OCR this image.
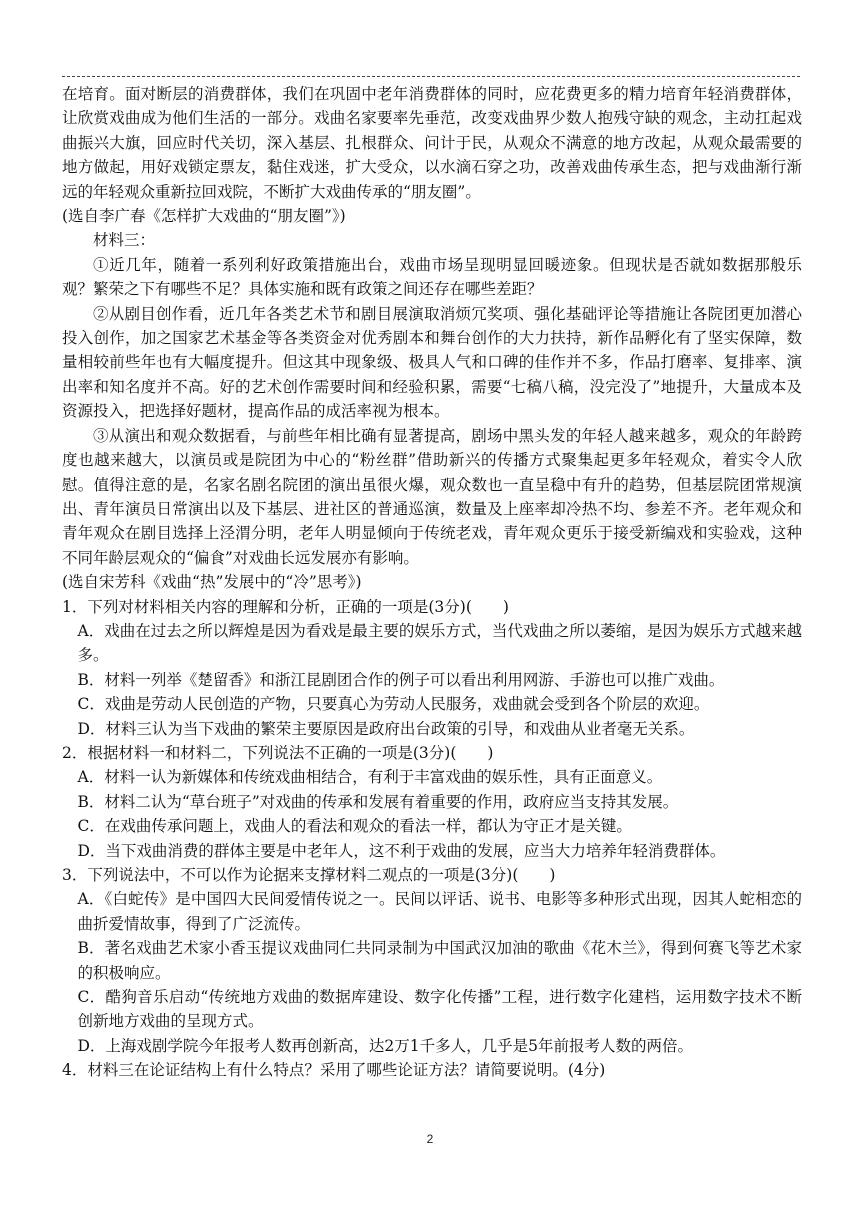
在培育。面对断层的消费群体，我们在巩固中老年消费群体的同时，应花费更多的精力培育年轻消费群体，让欣赏戏曲成为他们生活的一部分。戏曲名家要率先垂范，改变戏曲界少数人抱残守缺的观念，主动扛起戏曲振兴大旗，回应时代关切，深入基层、扎根群众、问计于民，从观众不满意的地方改起，从观众最需要的地方做起，用好戏锁定票友，黏住戏迷，扩大受众，以水滴石穿之功，改善戏曲传承生态，把与戏曲渐行渐远的年轻观众重新拉回戏院，不断扩大戏曲传承的“朋友圈”。

(选自李广春《怎样扩大戏曲的“朋友圈”》)

材料三：

①近几年，随着一系列利好政策措施出台，戏曲市场呈现明显回暖迹象。但现状是否就如数据那般乐观？繁荣之下有哪些不足？具体实施和既有政策之间还存在哪些差距？

②从剧目创作看，近几年各类艺术节和剧目展演取消烦冗奖项、强化基础评论等措施让各院团更加潜心投入创作，加之国家艺术基金等各类资金对优秀剧本和舞台创作的大力扶持，新作品孵化有了坚实保障，数量相较前些年也有大幅度提升。但这其中现象级、极具人气和口碑的佳作并不多，作品打磨率、复排率、演出率和知名度并不高。好的艺术创作需要时间和经验积累，需要“七稿八稿，没完没了”地提升，大量成本及资源投入，把选择好题材，提高作品的成活率视为根本。

③从演出和观众数据看，与前些年相比确有显著提高，剧场中黑头发的年轻人越来越多，观众的年龄跨度也越来越大，以演员或是院团为中心的“粉丝群”借助新兴的传播方式聚集起更多年轻观众，着实令人欣慰。值得注意的是，名家名剧名院团的演出虽很火爆，观众数也一直呈稳中有升的趋势，但基层院团常规演出、青年演员日常演出以及下基层、进社区的普通巡演，数量及上座率却冷热不均、参差不齐。老年观众和青年观众在剧目选择上泾渭分明，老年人明显倾向于传统老戏，青年观众更乐于接受新编戏和实验戏，这种不同年龄层观众的“偏食”对戏曲长远发展亦有影响。

(选自宋芳科《戏曲“热”发展中的“冷”思考》)

1．下列对材料相关内容的理解和分析，正确的一项是(3分)(　　)

A．戏曲在过去之所以辉煌是因为看戏是最主要的娱乐方式，当代戏曲之所以萎缩，是因为娱乐方式越来越多。

B．材料一列举《楚留香》和浙江昆剧团合作的例子可以看出利用网游、手游也可以推广戏曲。

C．戏曲是劳动人民创造的产物，只要真心为劳动人民服务，戏曲就会受到各个阶层的欢迎。

D．材料三认为当下戏曲的繁荣主要原因是政府出台政策的引导，和戏曲从业者毫无关系。

2．根据材料一和材料二，下列说法不正确的一项是(3分)(　　)

A．材料一认为新媒体和传统戏曲相结合，有利于丰富戏曲的娱乐性，具有正面意义。

B．材料二认为“草台班子”对戏曲的传承和发展有着重要的作用，政府应当支持其发展。

C．在戏曲传承问题上，戏曲人的看法和观众的看法一样，都认为守正才是关键。

D．当下戏曲消费的群体主要是中老年人，这不利于戏曲的发展，应当大力培养年轻消费群体。

3．下列说法中，不可以作为论据来支撑材料二观点的一项是(3分)(　　)

A．《白蛇传》是中国四大民间爱情传说之一。民间以评话、说书、电影等多种形式出现，因其人蛇相恋的曲折爱情故事，得到了广泛流传。

B．著名戏曲艺术家小香玉提议戏曲同仁共同录制为中国武汉加油的歌曲《花木兰》，得到何赛飞等艺术家的积极响应。

C．酷狗音乐启动“传统地方戏曲的数据库建设、数字化传播”工程，进行数字化建档，运用数字技术不断创新地方戏曲的呈现方式。

D．上海戏剧学院今年报考人数再创新高，达2万1千多人，几乎是5年前报考人数的两倍。

4．材料三在论证结构上有什么特点？采用了哪些论证方法？请简要说明。(4分)

2
